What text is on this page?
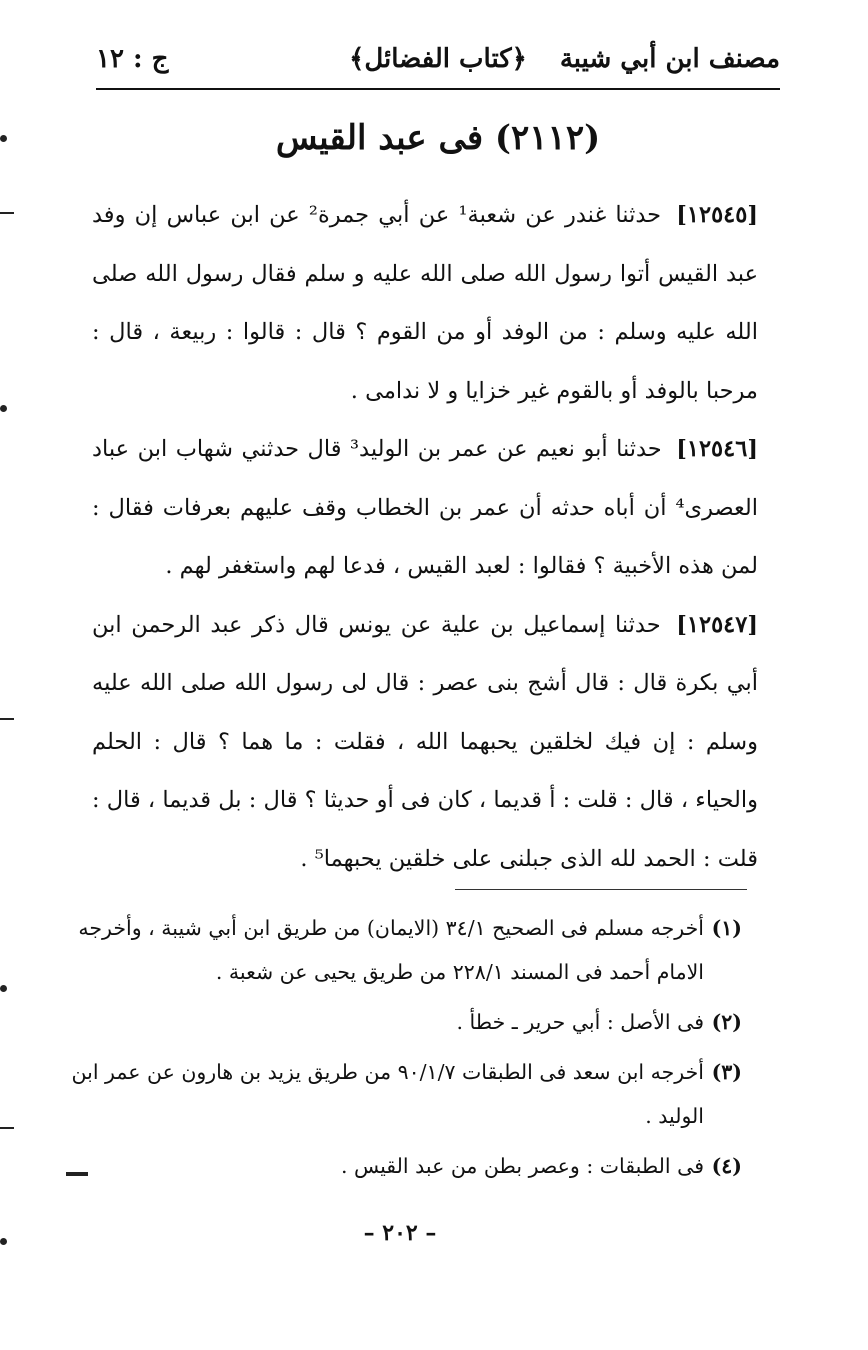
مصنف ابن أبي شيبة
﴿كتاب الفضائل﴾
ج : ١٢
(٢١١٢) فى عبد القيس

[١٢٥٤٥] حدثنا غندر عن شعبة¹ عن أبي جمرة² عن ابن عباس إن وفد عبد القيس أتوا رسول الله صلى الله عليه و سلم فقال رسول الله صلى الله عليه وسلم : من الوفد أو من القوم ؟ قال : قالوا : ربيعة ، قال : مرحبا بالوفد أو بالقوم غير خزايا و لا ندامى .

[١٢٥٤٦] حدثنا أبو نعيم عن عمر بن الوليد³ قال حدثني شهاب ابن عباد العصرى⁴ أن أباه حدثه أن عمر بن الخطاب وقف عليهم بعرفات فقال : لمن هذه الأخبية ؟ فقالوا : لعبد القيس ، فدعا لهم واستغفر لهم .

[١٢٥٤٧] حدثنا إسماعيل بن علية عن يونس قال ذكر عبد الرحمن ابن أبي بكرة قال : قال أشج بنى عصر : قال لى رسول الله صلى الله عليه وسلم : إن فيك لخلقين يحبهما الله ، فقلت : ما هما ؟ قال : الحلم والحياء ، قال : قلت : أ قديما ، كان فى أو حديثا ؟ قال : بل قديما ، قال : قلت : الحمد لله الذى جبلنى على خلقين يحبهما⁵ .

(١)
أخرجه مسلم فى الصحيح ٣٤/١ (الايمان) من طريق ابن أبي شيبة ، وأخرجه الامام أحمد فى المسند ٢٢٨/١ من طريق يحيى عن شعبة .

(٢)
فى الأصل : أبي حرير ـ خطأ .

(٣)
أخرجه ابن سعد فى الطبقات ٩٠/١/٧ من طريق يزيد بن هارون عن عمر ابن الوليد .

(٤)
فى الطبقات : وعصر بطن من عبد القيس .

– ٢٠٢ –
